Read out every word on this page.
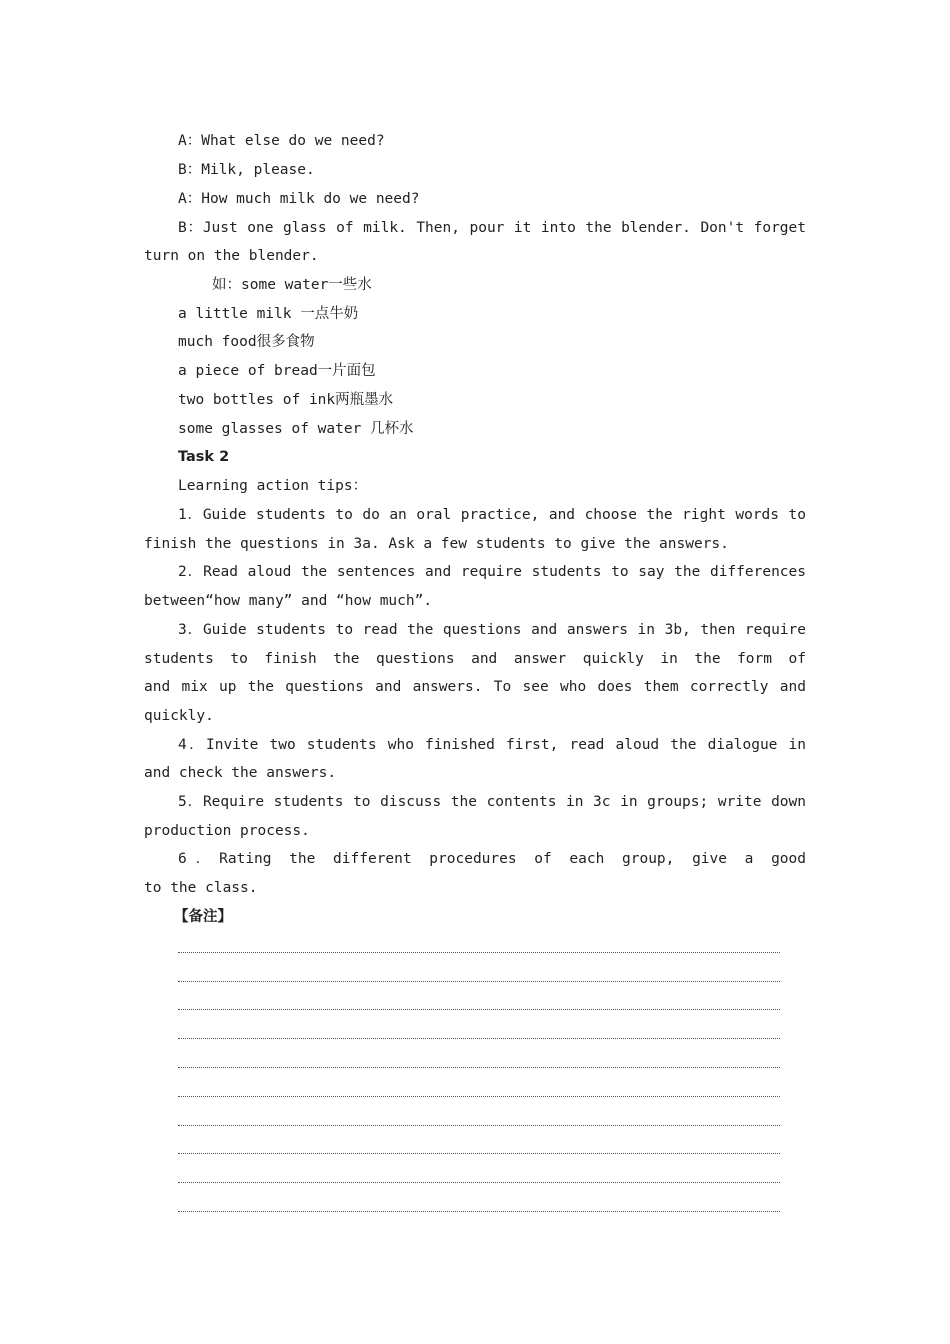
A：What else do we need?
B：Milk, please.
A：How much milk do we need?
B：Just one glass of milk. Then, pour it into the blender. Don't forget
turn on the blender.
如：some water一些水
a little milk 一点牛奶
much food很多食物
a piece of bread一片面包
two bottles of ink两瓶墨水
some glasses of water 几杯水
Task 2
Learning action tips：
1．Guide students to do an oral practice, and choose the right words to
finish the questions in 3a. Ask a few students to give the answers.
2．Read aloud the sentences and require students to say the differences
between“how many” and “how much”.
3．Guide students to read the questions and answers in 3b, then require
students to finish the questions and answer quickly in the form of
and mix up the questions and answers. To see who does them correctly and
quickly.
4．Invite two students who finished first, read aloud the dialogue in
and check the answers.
5．Require students to discuss the contents in 3c in groups; write down
production process.
6．Rating the different procedures of each group, give a good
to the class.
【备注】
